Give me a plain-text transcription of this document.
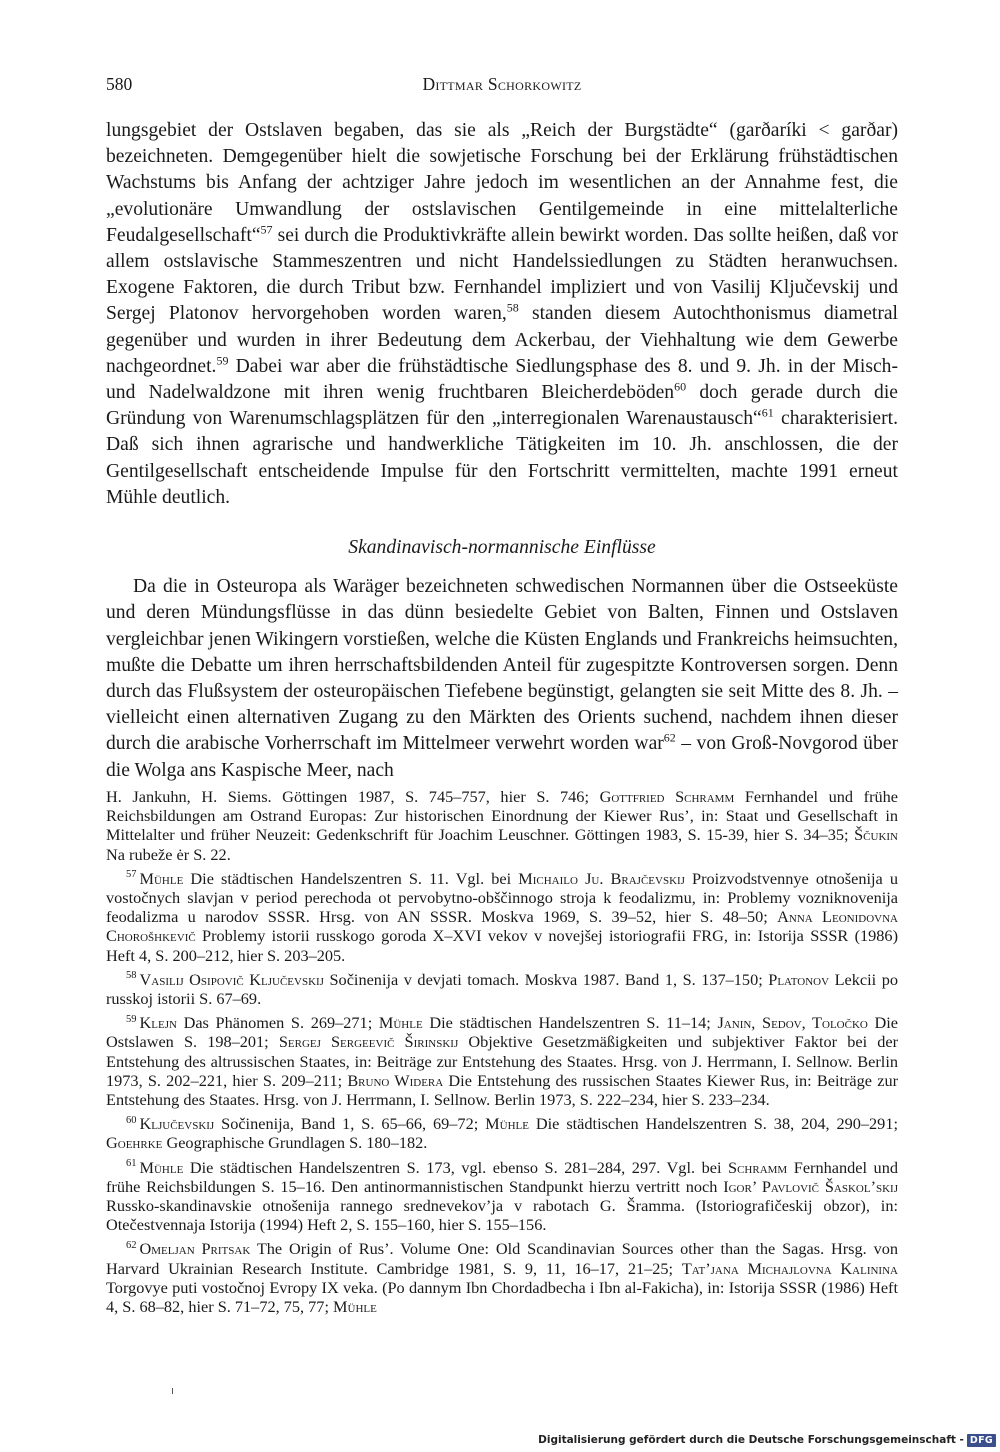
580	Dittmar Schorkowitz

lungsgebiet der Ostslaven begaben, das sie als „Reich der Burgstädte“ (garðaríki < garðar) bezeichneten. Demgegenüber hielt die sowjetische Forschung bei der Erklärung frühstädtischen Wachstums bis Anfang der achtziger Jahre jedoch im wesentlichen an der Annahme fest, die „evolutionäre Umwandlung der ostslavischen Gentilgemeinde in eine mittelalterliche Feudalgesellschaft“$^{57}$ sei durch die Produktivkräfte allein bewirkt worden. Das sollte heißen, daß vor allem ostslavische Stammeszentren und nicht Handelssiedlungen zu Städten heranwuchsen. Exogene Faktoren, die durch Tribut bzw. Fernhandel impliziert und von Vasilij Ključevskij und Sergej Platonov hervorgehoben worden waren,$^{58}$ standen diesem Autochthonismus diametral gegenüber und wurden in ihrer Bedeutung dem Ackerbau, der Viehhaltung wie dem Gewerbe nachgeordnet.$^{59}$ Dabei war aber die frühstädtische Siedlungsphase des 8. und 9. Jh. in der Misch- und Nadelwaldzone mit ihren wenig fruchtbaren Bleicherdeböden$^{60}$ doch gerade durch die Gründung von Warenumschlagsplätzen für den „interregionalen Warenaustausch“$^{61}$ charakterisiert. Daß sich ihnen agrarische und handwerkliche Tätigkeiten im 10. Jh. anschlossen, die der Gentilgesellschaft entscheidende Impulse für den Fortschritt vermittelten, machte 1991 erneut Mühle deutlich.

Skandinavisch-normannische Einflüsse

Da die in Osteuropa als Waräger bezeichneten schwedischen Normannen über die Ostseeküste und deren Mündungsflüsse in das dünn besiedelte Gebiet von Balten, Finnen und Ostslaven vergleichbar jenen Wikingern vorstießen, welche die Küsten Englands und Frankreichs heimsuchten, mußte die Debatte um ihren herrschaftsbildenden Anteil für zugespitzte Kontroversen sorgen. Denn durch das Flußsystem der osteuropäischen Tiefebene begünstigt, gelangten sie seit Mitte des 8. Jh. – vielleicht einen alternativen Zugang zu den Märkten des Orients suchend, nachdem ihnen dieser durch die arabische Vorherrschaft im Mittelmeer verwehrt worden war$^{62}$ – von Groß-Novgorod über die Wolga ans Kaspische Meer, nach

H. Jankuhn, H. Siems. Göttingen 1987, S. 745–757, hier S. 746; Gottfried Schramm Fernhandel und frühe Reichsbildungen am Ostrand Europas: Zur historischen Einordnung der Kiewer Rus’, in: Staat und Gesellschaft in Mittelalter und früher Neuzeit: Gedenkschrift für Joachim Leuschner. Göttingen 1983, S. 15-39, hier S. 34–35; Ščukin Na rubeže ėr S. 22.

$^{57}$ Mühle Die städtischen Handelszentren S. 11. Vgl. bei Michailo Ju. Brajčevskij Proizvodstvennye otnošenija u vostočnych slavjan v period perechoda ot pervobytno-obščinnogo stroja k feodalizmu, in: Problemy vozniknovenija feodalizma u narodov SSSR. Hrsg. von AN SSSR. Moskva 1969, S. 39–52, hier S. 48–50; Anna Leonidovna Chorošhkevič Problemy istorii russkogo goroda X–XVI vekov v novejšej istoriografii FRG, in: Istorija SSSR (1986) Heft 4, S. 200–212, hier S. 203–205.

$^{58}$ Vasilij Osipovič Ključevskij Sočinenija v devjati tomach. Moskva 1987. Band 1, S. 137–150; Platonov Lekcii po russkoj istorii S. 67–69.

$^{59}$ Klejn Das Phänomen S. 269–271; Mühle Die städtischen Handelszentren S. 11–14; Janin, Sedov, Toločko Die Ostslawen S. 198–201; Sergej Sergeevič Širinskij Objektive Gesetzmäßigkeiten und subjektiver Faktor bei der Entstehung des altrussischen Staates, in: Beiträge zur Entstehung des Staates. Hrsg. von J. Herrmann, I. Sellnow. Berlin 1973, S. 202–221, hier S. 209–211; Bruno Widera Die Entstehung des russischen Staates Kiewer Rus, in: Beiträge zur Entstehung des Staates. Hrsg. von J. Herrmann, I. Sellnow. Berlin 1973, S. 222–234, hier S. 233–234.

$^{60}$ Ključevskij Sočinenija, Band 1, S. 65–66, 69–72; Mühle Die städtischen Handelszentren S. 38, 204, 290–291; Goehrke Geographische Grundlagen S. 180–182.

$^{61}$ Mühle Die städtischen Handelszentren S. 173, vgl. ebenso S. 281–284, 297. Vgl. bei Schramm Fernhandel und frühe Reichsbildungen S. 15–16. Den antinormannistischen Standpunkt hierzu vertritt noch Igor’ Pavlovič Šaskol’skij Russko-skandinavskie otnošenija rannego srednevekov’ja v rabotach G. Šramma. (Istoriografičeskij obzor), in: Otečestvennaja Istorija (1994) Heft 2, S. 155–160, hier S. 155–156.

$^{62}$ Omeljan Pritsak The Origin of Rus’. Volume One: Old Scandinavian Sources other than the Sagas. Hrsg. von Harvard Ukrainian Research Institute. Cambridge 1981, S. 9, 11, 16–17, 21–25; Tat’jana Michajlovna Kalinina Torgovye puti vostočnoj Evropy IX veka. (Po dannym Ibn Chordadbecha i Ibn al-Fakicha), in: Istorija SSSR (1986) Heft 4, S. 68–82, hier S. 71–72, 75, 77; Mühle

Digitalisierung gefördert durch die Deutsche Forschungsgemeinschaft - DFG
